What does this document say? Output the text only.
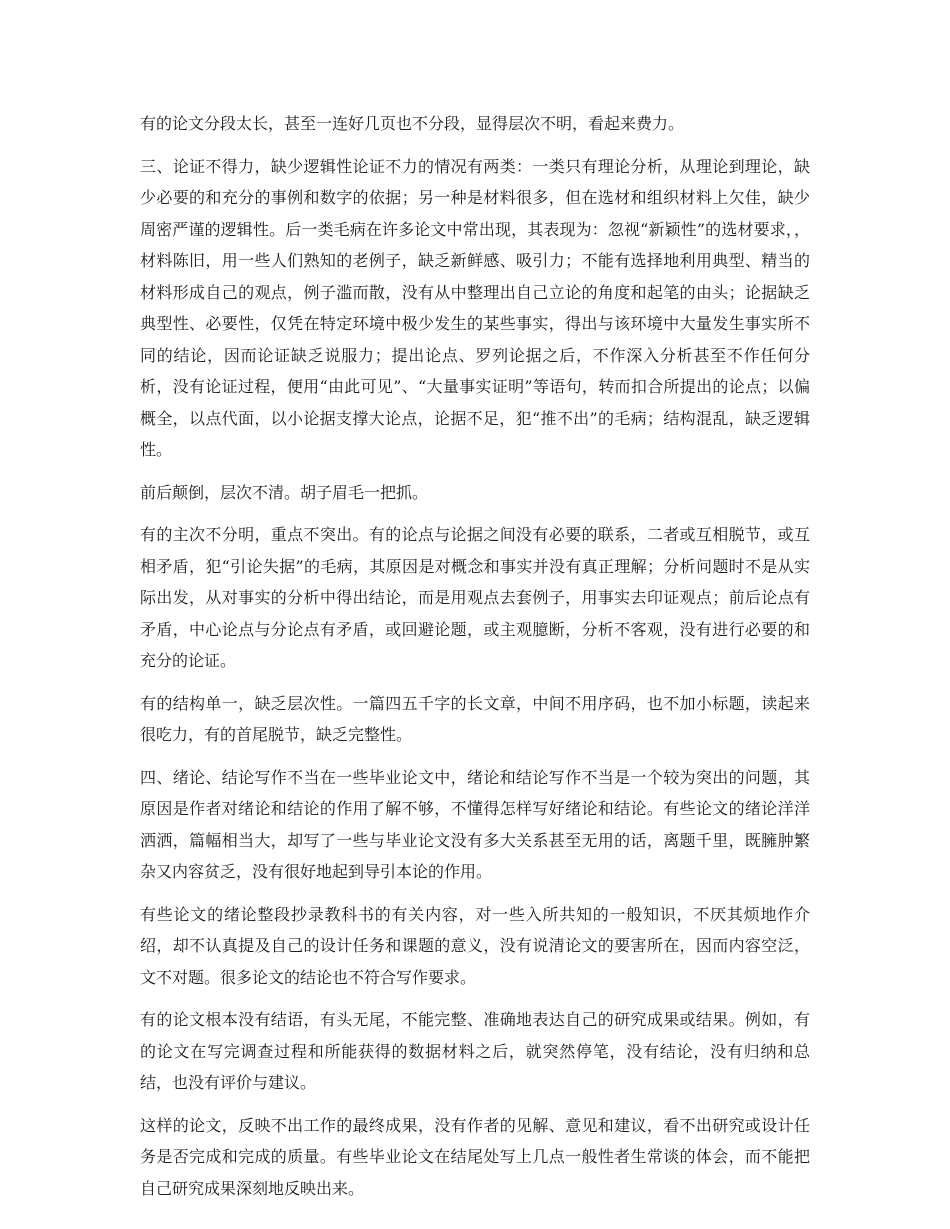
有的论文分段太长，甚至一连好几页也不分段，显得层次不明，看起来费力。

三、论证不得力，缺少逻辑性论证不力的情况有两类：一类只有理论分析，从理论到理论，缺少必要的和充分的事例和数字的依据；另一种是材料很多，但在选材和组织材料上欠佳，缺少周密严谨的逻辑性。后一类毛病在许多论文中常出现，其表现为：忽视“新颖性”的选材要求，，材料陈旧，用一些人们熟知的老例子，缺乏新鲜感、吸引力；不能有选择地利用典型、精当的材料形成自己的观点，例子滥而散，没有从中整理出自己立论的角度和起笔的由头；论据缺乏典型性、必要性，仅凭在特定环境中极少发生的某些事实，得出与该环境中大量发生事实所不同的结论，因而论证缺乏说服力；提出论点、罗列论据之后，不作深入分析甚至不作任何分析，没有论证过程，便用“由此可见”、“大量事实证明”等语句，转而扣合所提出的论点；以偏概全，以点代面，以小论据支撑大论点，论据不足，犯“推不出”的毛病；结构混乱，缺乏逻辑性。

前后颠倒，层次不清。胡子眉毛一把抓。

有的主次不分明，重点不突出。有的论点与论据之间没有必要的联系，二者或互相脱节，或互相矛盾，犯“引论失据”的毛病，其原因是对概念和事实并没有真正理解；分析问题时不是从实际出发，从对事实的分析中得出结论，而是用观点去套例子，用事实去印证观点；前后论点有矛盾，中心论点与分论点有矛盾，或回避论题，或主观臆断，分析不客观，没有进行必要的和充分的论证。

有的结构单一，缺乏层次性。一篇四五千字的长文章，中间不用序码，也不加小标题，读起来很吃力，有的首尾脱节，缺乏完整性。

四、绪论、结论写作不当在一些毕业论文中，绪论和结论写作不当是一个较为突出的问题，其原因是作者对绪论和结论的作用了解不够，不懂得怎样写好绪论和结论。有些论文的绪论洋洋洒洒，篇幅相当大，却写了一些与毕业论文没有多大关系甚至无用的话，离题千里，既臃肿繁杂又内容贫乏，没有很好地起到导引本论的作用。

有些论文的绪论整段抄录教科书的有关内容，对一些入所共知的一般知识，不厌其烦地作介绍，却不认真提及自己的设计任务和课题的意义，没有说清论文的要害所在，因而内容空泛，文不对题。很多论文的结论也不符合写作要求。

有的论文根本没有结语，有头无尾，不能完整、准确地表达自己的研究成果或结果。例如，有的论文在写完调查过程和所能获得的数据材料之后，就突然停笔，没有结论，没有归纳和总结，也没有评价与建议。

这样的论文，反映不出工作的最终成果，没有作者的见解、意见和建议，看不出研究或设计任务是否完成和完成的质量。有些毕业论文在结尾处写上几点一般性者生常谈的体会，而不能把自己研究成果深刻地反映出来。
